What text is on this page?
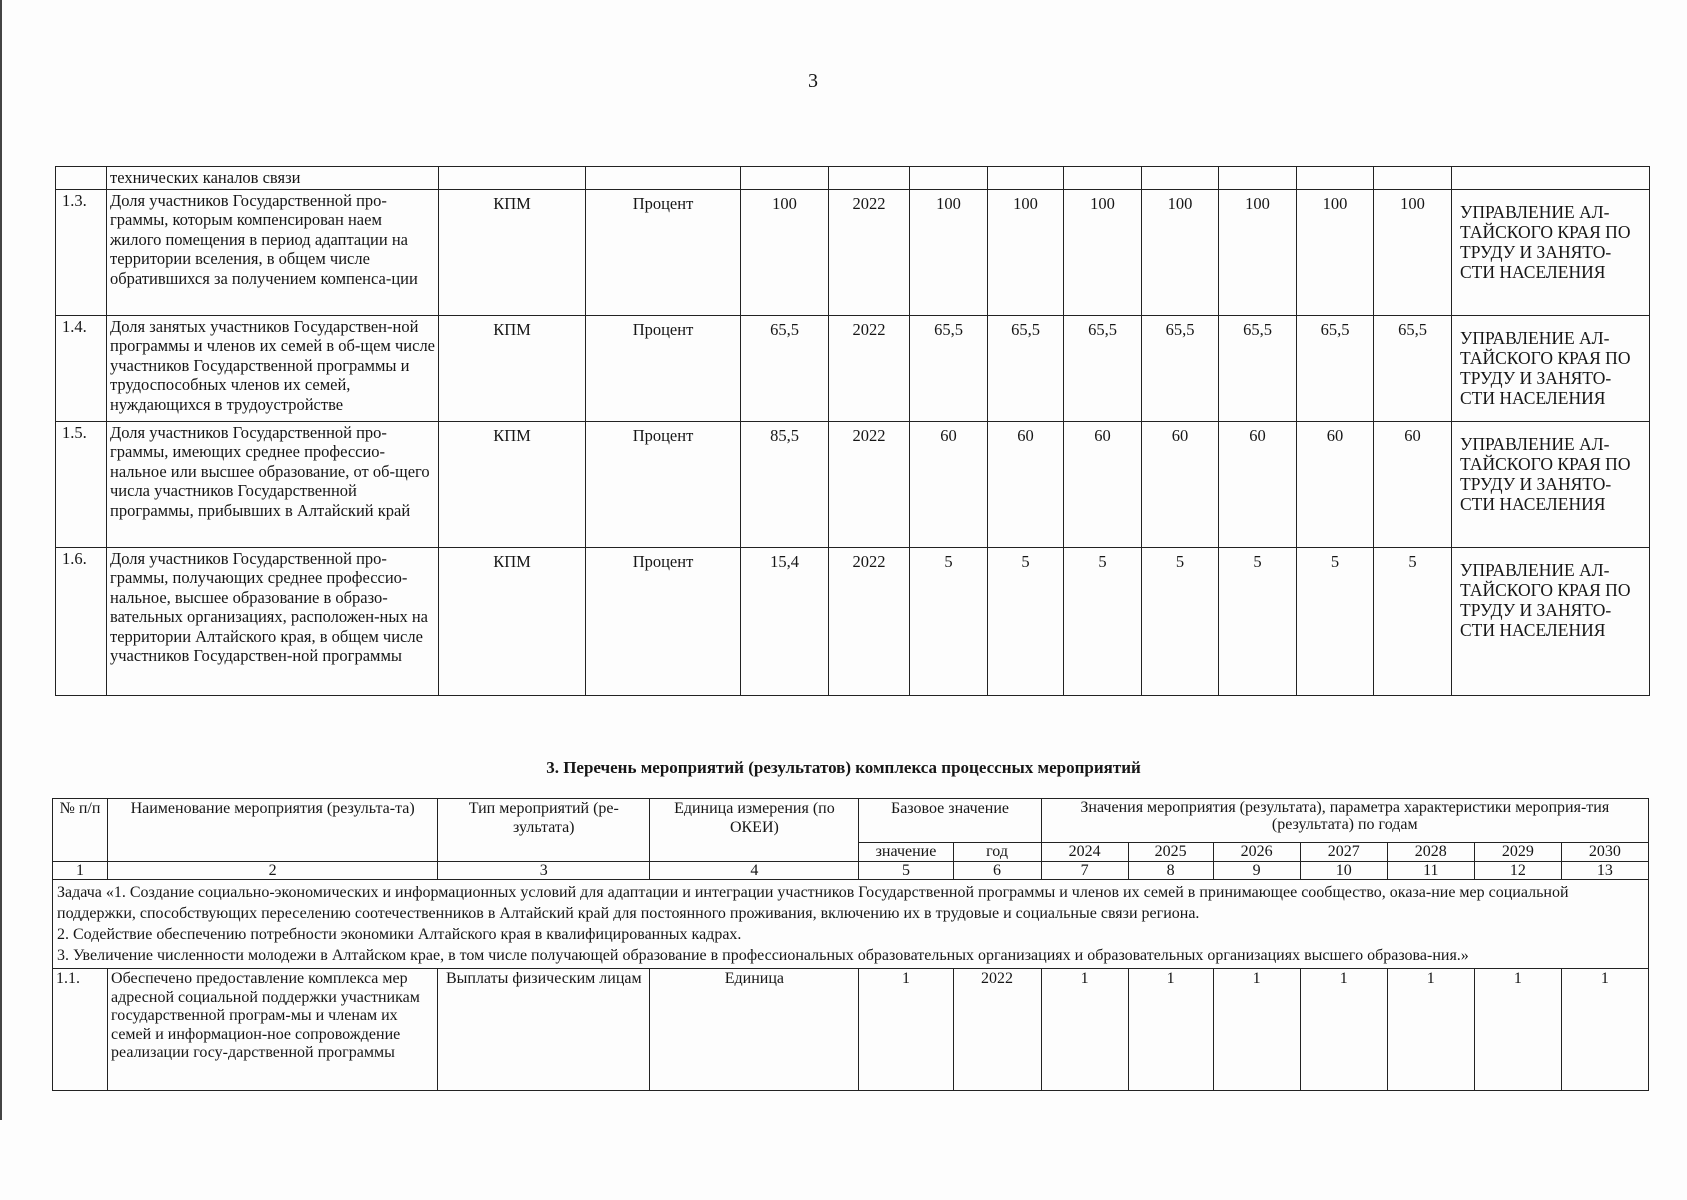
3
	технических каналов связи												
1.3.	Доля участников Государственной про-граммы, которым компенсирован наем жилого помещения в период адаптации на территории вселения, в общем числе обратившихся за получением компенса-ции	КПМ	Процент	100	2022	100	100	100	100	100	100	100	УПРАВЛЕНИЕ АЛ-ТАЙСКОГО КРАЯ ПО ТРУДУ И ЗАНЯТО-СТИ НАСЕЛЕНИЯ
1.4.	Доля занятых участников Государствен-ной программы и членов их семей в об-щем числе участников Государственной программы и трудоспособных членов их семей, нуждающихся в трудоустройстве	КПМ	Процент	65,5	2022	65,5	65,5	65,5	65,5	65,5	65,5	65,5	УПРАВЛЕНИЕ АЛ-ТАЙСКОГО КРАЯ ПО ТРУДУ И ЗАНЯТО-СТИ НАСЕЛЕНИЯ
1.5.	Доля участников Государственной про-граммы, имеющих среднее профессио-нальное или высшее образование, от об-щего числа участников Государственной программы, прибывших в Алтайский край	КПМ	Процент	85,5	2022	60	60	60	60	60	60	60	УПРАВЛЕНИЕ АЛ-ТАЙСКОГО КРАЯ ПО ТРУДУ И ЗАНЯТО-СТИ НАСЕЛЕНИЯ
1.6.	Доля участников Государственной про-граммы, получающих среднее профессио-нальное, высшее образование в образо-вательных организациях, расположен-ных на территории Алтайского края, в общем числе участников Государствен-ной программы	КПМ	Процент	15,4	2022	5	5	5	5	5	5	5	УПРАВЛЕНИЕ АЛ-ТАЙСКОГО КРАЯ ПО ТРУДУ И ЗАНЯТО-СТИ НАСЕЛЕНИЯ
3. Перечень мероприятий (результатов) комплекса процессных мероприятий
№ п/п	Наименование мероприятия (результа-та)	Тип мероприятий (ре-зультата)	Единица измерения (по ОКЕИ)	Базовое значение		Значения мероприятия (результата), параметра характеристики мероприя-тия (результата) по годам						
				значение	год	2024	2025	2026	2027	2028	2029	2030
1	2	3	4	5	6	7	8	9	10	11	12	13

Задача «1. Создание социально-экономических и информационных условий для адаптации и интеграции участников Государственной программы и членов их семей в принимающее сообщество, оказа-ние мер социальной поддержки, способствующих переселению соотечественников в Алтайский край для постоянного проживания, включению их в трудовые и социальные связи региона.
2. Содействие обеспечению потребности экономики Алтайского края в квалифицированных кадрах.
3. Увеличение численности молодежи в Алтайском крае, в том числе получающей образование в профессиональных образовательных организациях и образовательных организациях высшего образова-ния.»												

1.1.	Обеспечено предоставление комплекса мер адресной социальной поддержки участникам государственной програм-мы и членам их семей и информацион-ное сопровождение реализации госу-дарственной программы	Выплаты физическим лицам	Единица	1	2022	1	1	1	1	1	1	1
